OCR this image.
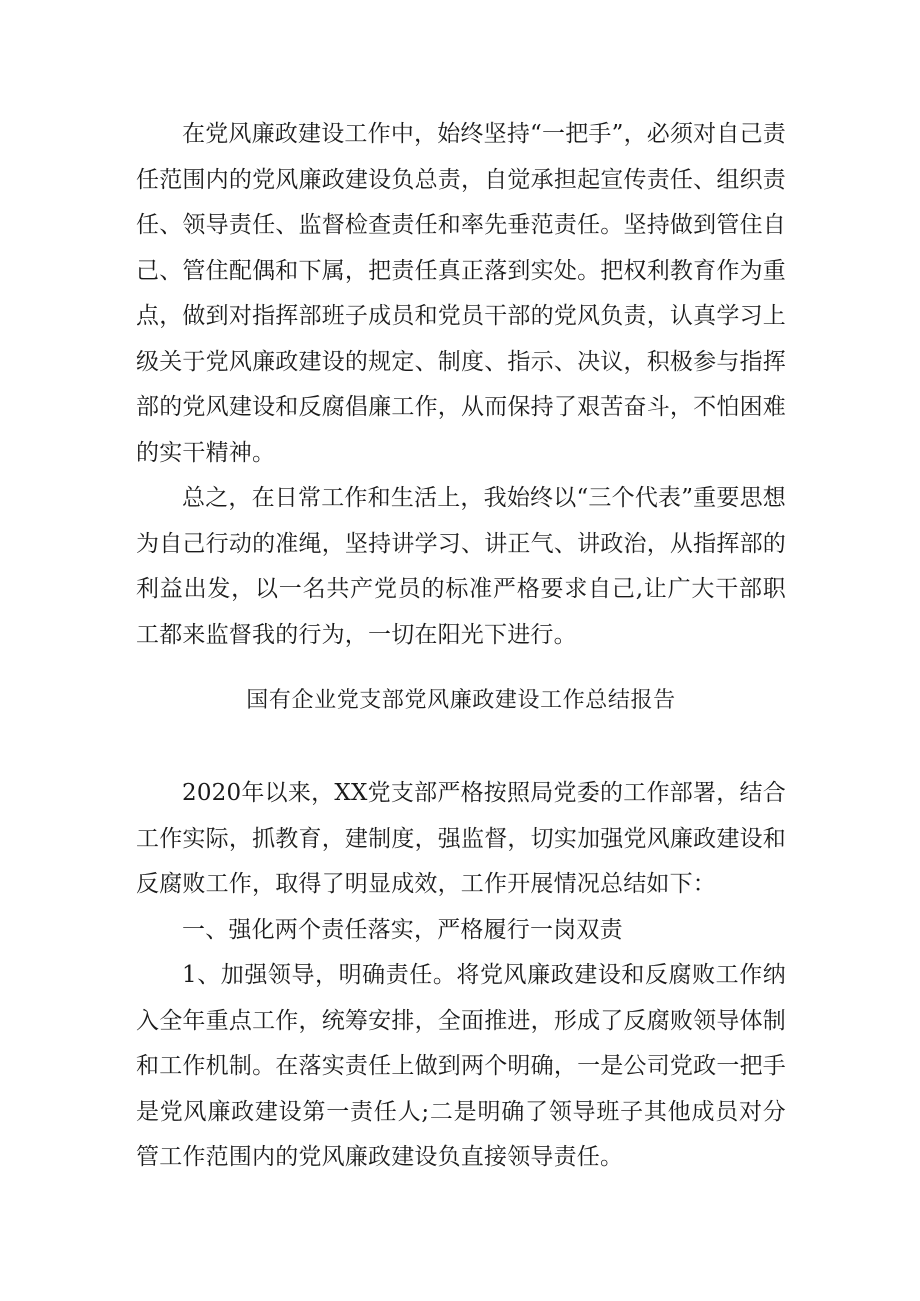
在党风廉政建设工作中，始终坚持“一把手”，必须对自己责任范围内的党风廉政建设负总责，自觉承担起宣传责任、组织责任、领导责任、监督检查责任和率先垂范责任。坚持做到管住自己、管住配偶和下属，把责任真正落到实处。把权利教育作为重点，做到对指挥部班子成员和党员干部的党风负责，认真学习上级关于党风廉政建设的规定、制度、指示、决议，积极参与指挥部的党风建设和反腐倡廉工作，从而保持了艰苦奋斗，不怕困难的实干精神。

总之，在日常工作和生活上，我始终以“三个代表”重要思想为自己行动的准绳，坚持讲学习、讲正气、讲政治，从指挥部的利益出发，以一名共产党员的标准严格要求自己,让广大干部职工都来监督我的行为，一切在阳光下进行。

国有企业党支部党风廉政建设工作总结报告

2020年以来，XX党支部严格按照局党委的工作部署，结合工作实际，抓教育，建制度，强监督，切实加强党风廉政建设和反腐败工作，取得了明显成效，工作开展情况总结如下：

一、强化两个责任落实，严格履行一岗双责

1、加强领导，明确责任。将党风廉政建设和反腐败工作纳入全年重点工作，统筹安排，全面推进，形成了反腐败领导体制和工作机制。在落实责任上做到两个明确，一是公司党政一把手是党风廉政建设第一责任人;二是明确了领导班子其他成员对分管工作范围内的党风廉政建设负直接领导责任。
